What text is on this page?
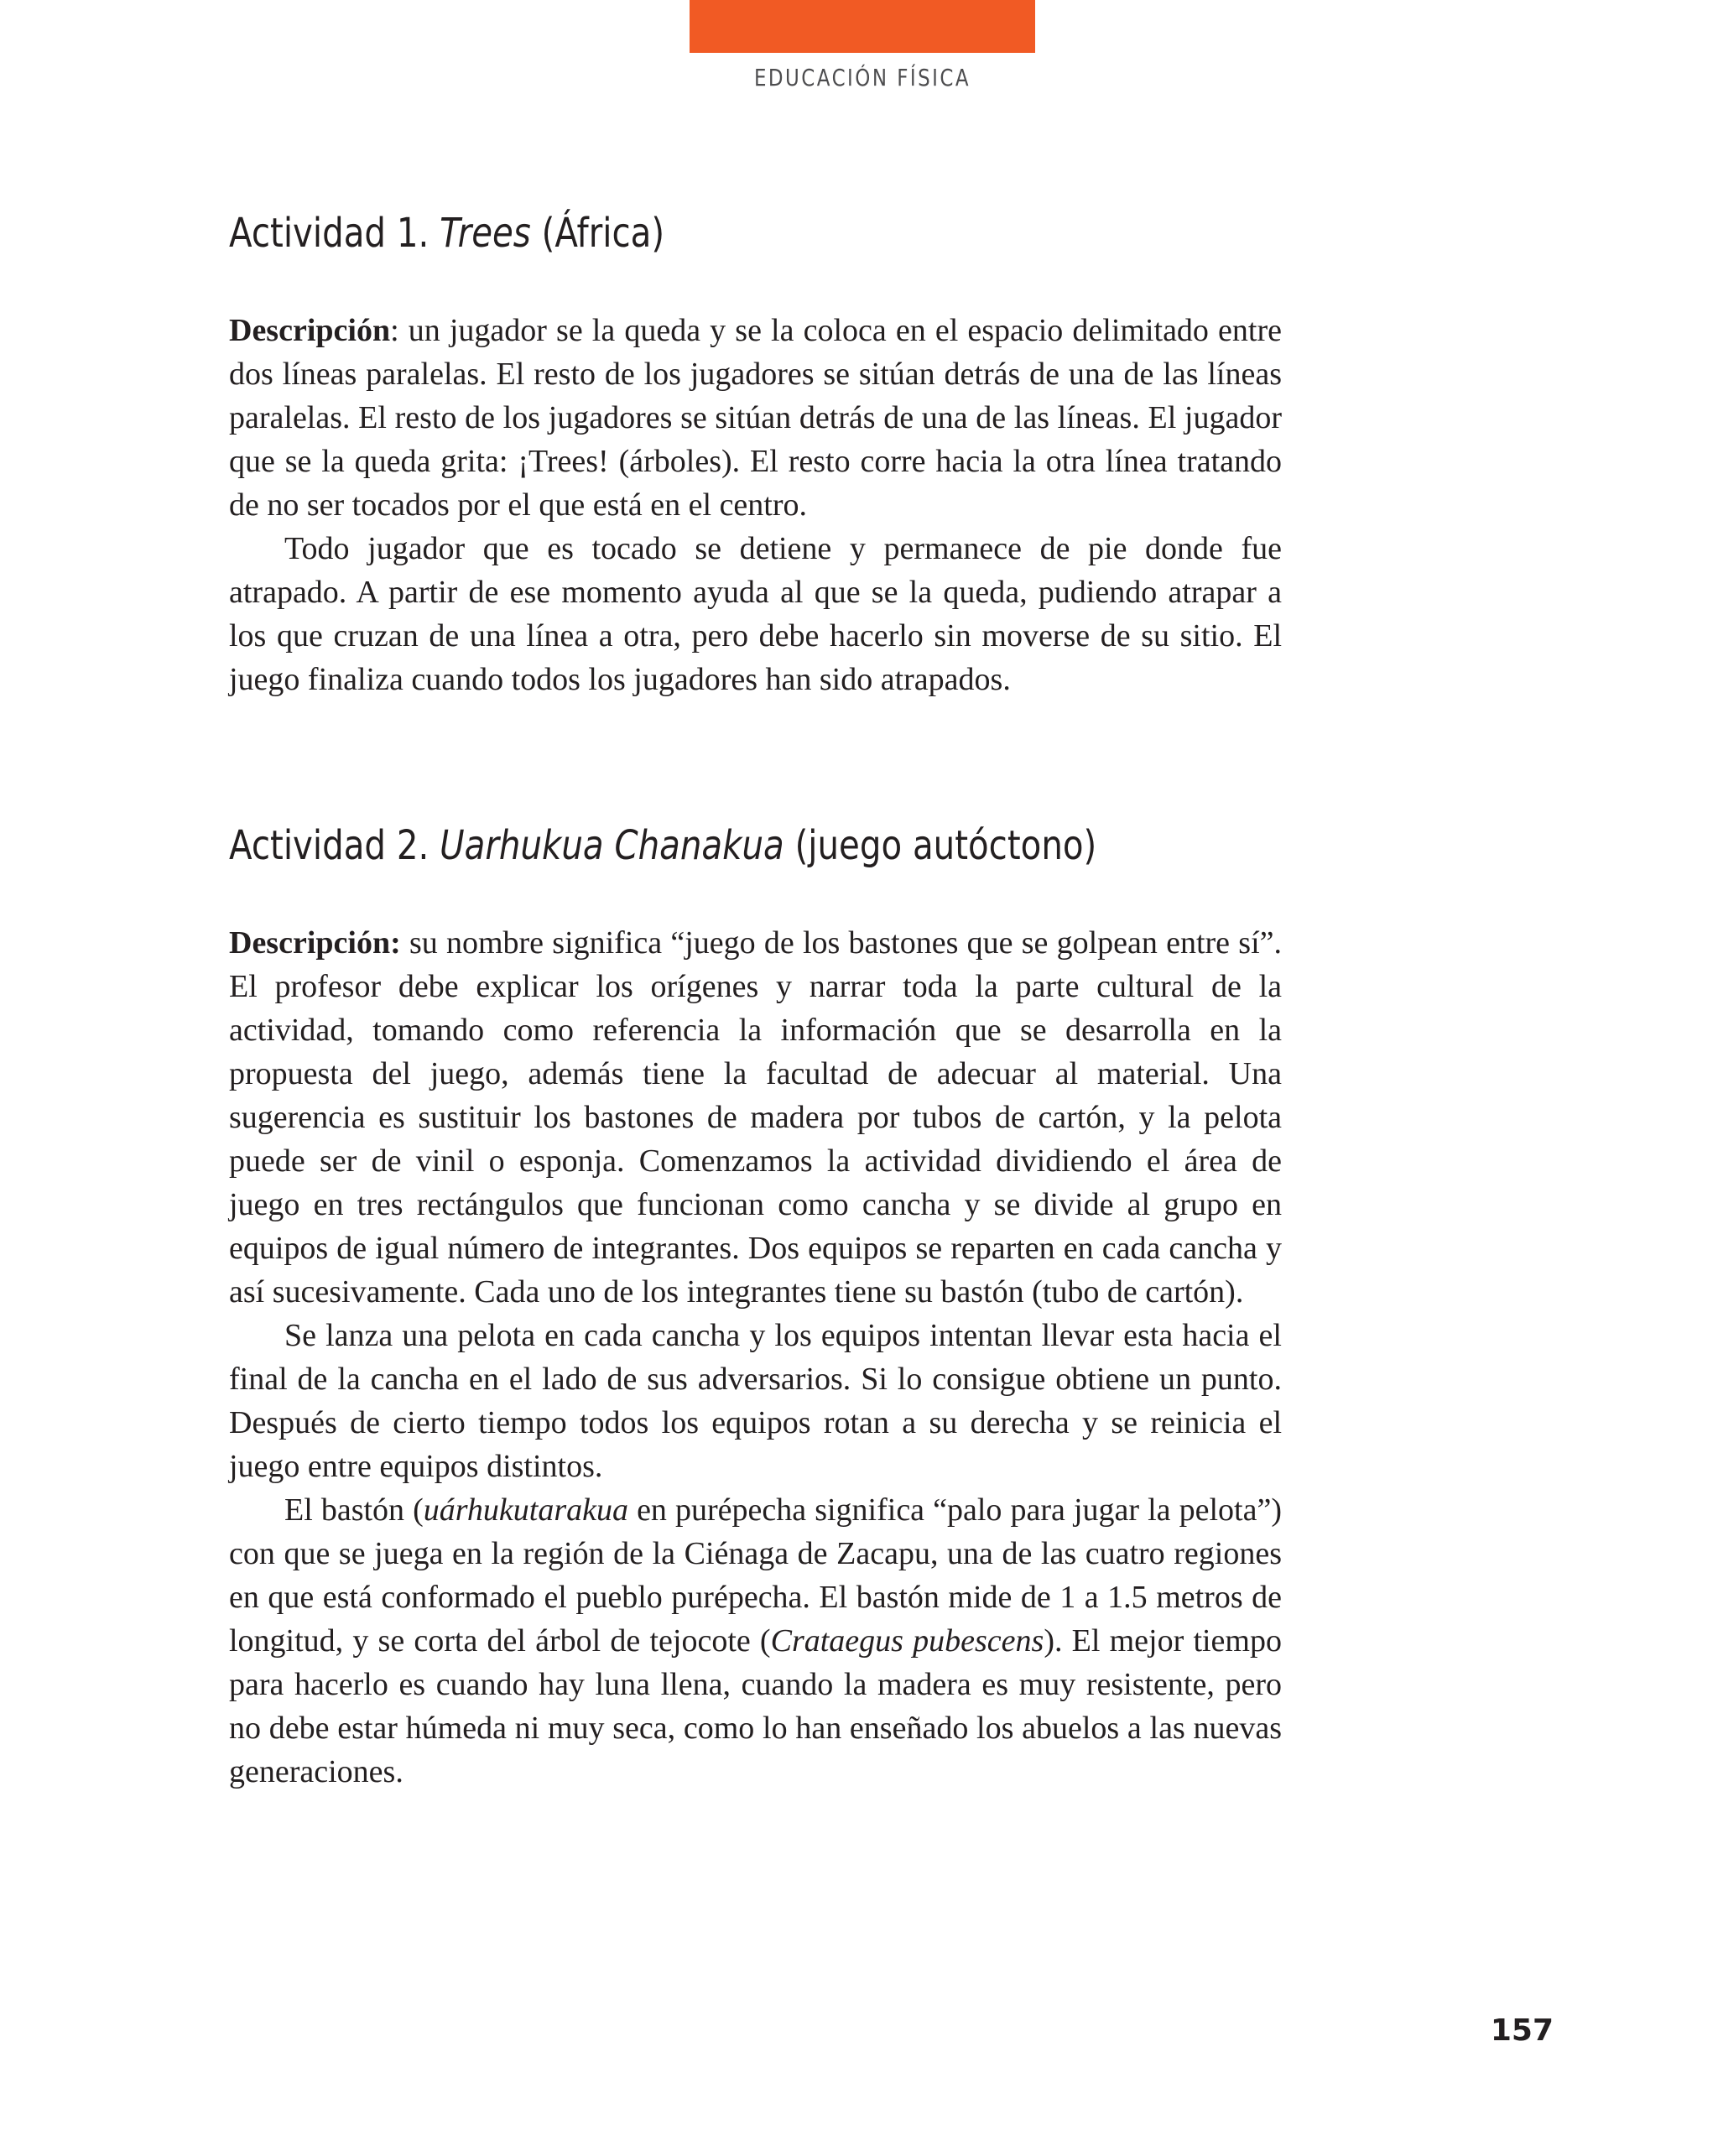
EDUCACIÓN FÍSICA
Actividad 1. Trees (África)

Descripción: un jugador se la queda y se la coloca en el espacio delimitado entre dos líneas paralelas. El resto de los jugadores se sitúan detrás de una de las líneas paralelas. El resto de los jugadores se sitúan detrás de una de las líneas. El jugador que se la queda grita: ¡Trees! (árboles). El resto corre hacia la otra línea tratando de no ser tocados por el que está en el centro.

Todo jugador que es tocado se detiene y permanece de pie donde fue atrapado. A partir de ese momento ayuda al que se la queda, pudiendo atrapar a los que cruzan de una línea a otra, pero debe hacerlo sin moverse de su sitio. El juego finaliza cuando todos los jugadores han sido atrapados.

Actividad 2. Uarhukua Chanakua (juego autóctono)

Descripción: su nombre significa “juego de los bastones que se golpean entre sí”. El profesor debe explicar los orígenes y narrar toda la parte cultural de la actividad, tomando como referencia la información que se desarrolla en la propuesta del juego, además tiene la facultad de adecuar al material. Una sugerencia es sustituir los bastones de madera por tubos de cartón, y la pelota puede ser de vinil o esponja. Comenzamos la actividad dividiendo el área de juego en tres rectángulos que funcionan como cancha y se divide al grupo en equipos de igual número de integrantes. Dos equipos se reparten en cada cancha y así sucesivamente. Cada uno de los integrantes tiene su bastón (tubo de cartón).

Se lanza una pelota en cada cancha y los equipos intentan llevar esta hacia el final de la cancha en el lado de sus adversarios. Si lo consigue obtiene un punto. Después de cierto tiempo todos los equipos rotan a su derecha y se reinicia el juego entre equipos distintos.

El bastón (uárhukutarakua en purépecha significa “palo para jugar la pelota”) con que se juega en la región de la Ciénaga de Zacapu, una de las cuatro regiones en que está conformado el pueblo purépecha. El bastón mide de 1 a 1.5 metros de longitud, y se corta del árbol de tejocote (Crataegus pubescens). El mejor tiempo para hacerlo es cuando hay luna llena, cuando la madera es muy resistente, pero no debe estar húmeda ni muy seca, como lo han enseñado los abuelos a las nuevas generaciones.

157
